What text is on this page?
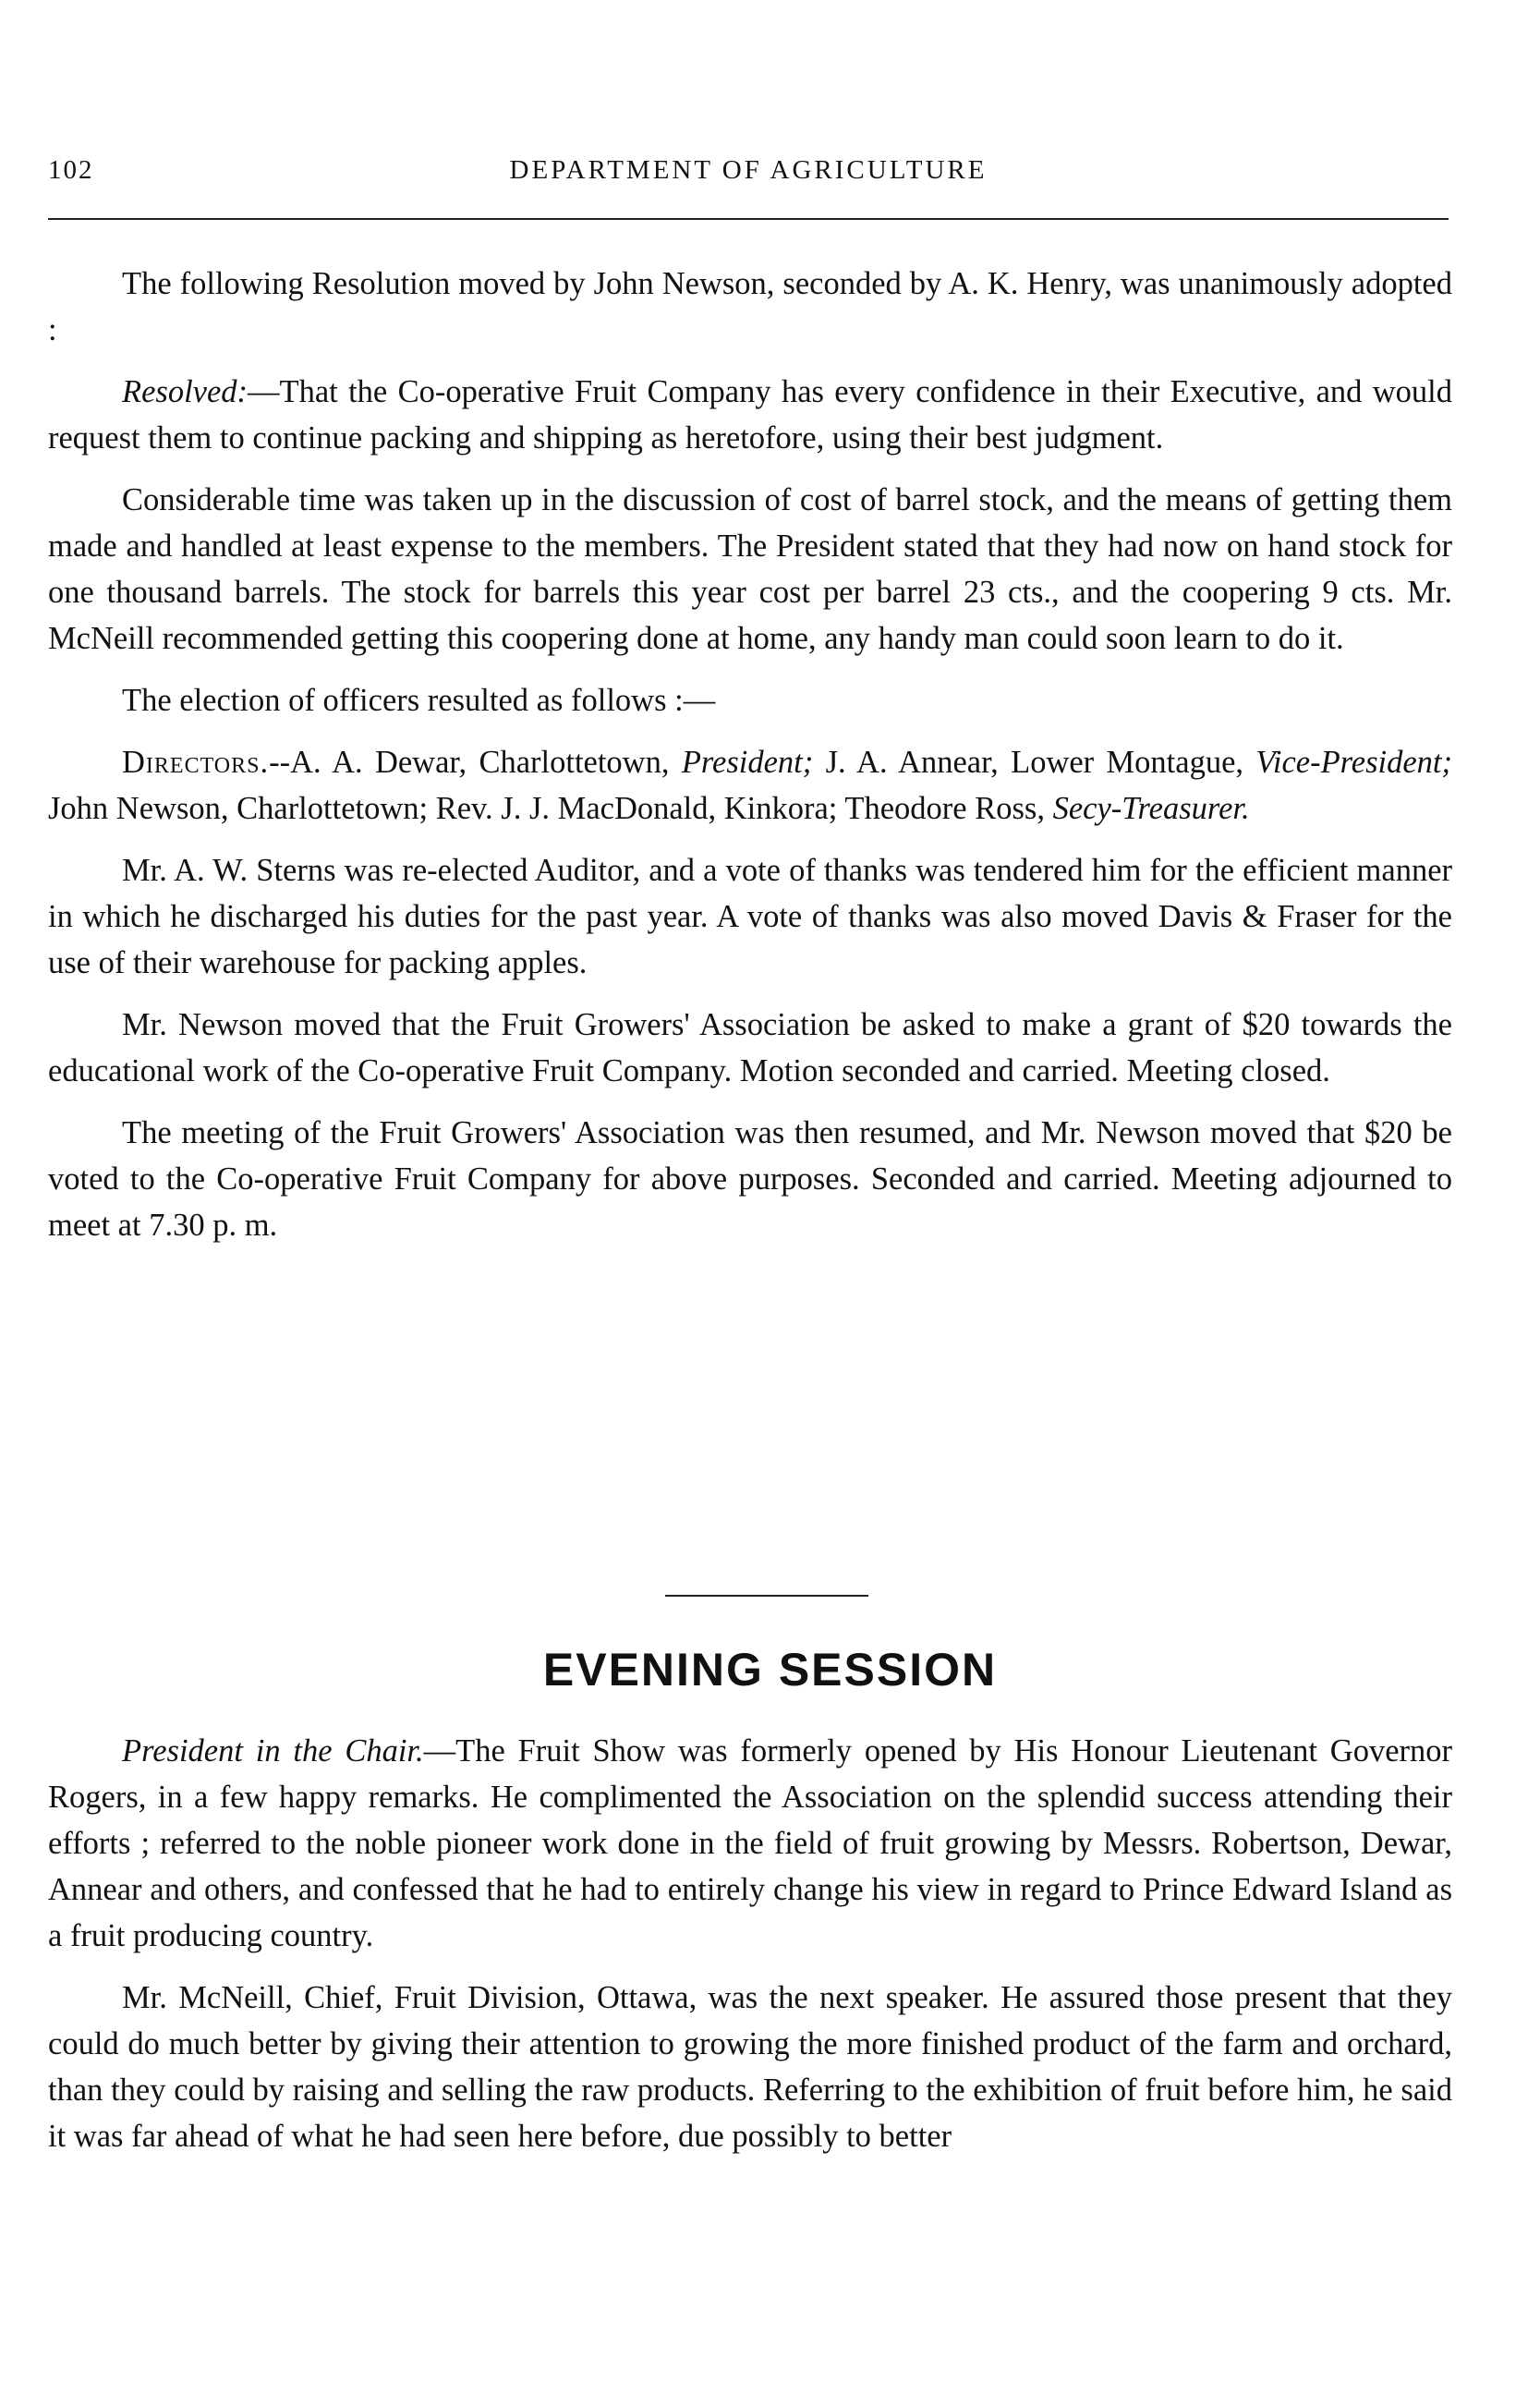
102	DEPARTMENT OF AGRICULTURE

The following Resolution moved by John Newson, seconded by A. K. Henry, was unanimously adopted :

Resolved:—That the Co-operative Fruit Company has every confidence in their Executive, and would request them to continue packing and shipping as heretofore, using their best judgment.

Considerable time was taken up in the discussion of cost of barrel stock, and the means of getting them made and handled at least expense to the members. The President stated that they had now on hand stock for one thousand barrels. The stock for barrels this year cost per barrel 23 cts., and the coopering 9 cts. Mr. McNeill recommended getting this coopering done at home, any handy man could soon learn to do it.

The election of officers resulted as follows :—

Directors.--A. A. Dewar, Charlottetown, President; J. A. Annear, Lower Montague, Vice-President; John Newson, Charlottetown; Rev. J. J. MacDonald, Kinkora; Theodore Ross, Secy-Treasurer.

Mr. A. W. Sterns was re-elected Auditor, and a vote of thanks was tendered him for the efficient manner in which he discharged his duties for the past year. A vote of thanks was also moved Davis & Fraser for the use of their warehouse for packing apples.

Mr. Newson moved that the Fruit Growers' Association be asked to make a grant of $20 towards the educational work of the Co-operative Fruit Company. Motion seconded and carried. Meeting closed.

The meeting of the Fruit Growers' Association was then resumed, and Mr. Newson moved that $20 be voted to the Co-operative Fruit Company for above purposes. Seconded and carried. Meeting adjourned to meet at 7.30 p. m.

EVENING SESSION

President in the Chair.—The Fruit Show was formerly opened by His Honour Lieutenant Governor Rogers, in a few happy remarks. He complimented the Association on the splendid success attending their efforts ; referred to the noble pioneer work done in the field of fruit growing by Messrs. Robertson, Dewar, Annear and others, and confessed that he had to entirely change his view in regard to Prince Edward Island as a fruit producing country.

Mr. McNeill, Chief, Fruit Division, Ottawa, was the next speaker. He assured those present that they could do much better by giving their attention to growing the more finished product of the farm and orchard, than they could by raising and selling the raw products. Referring to the exhibition of fruit before him, he said it was far ahead of what he had seen here before, due possibly to better
